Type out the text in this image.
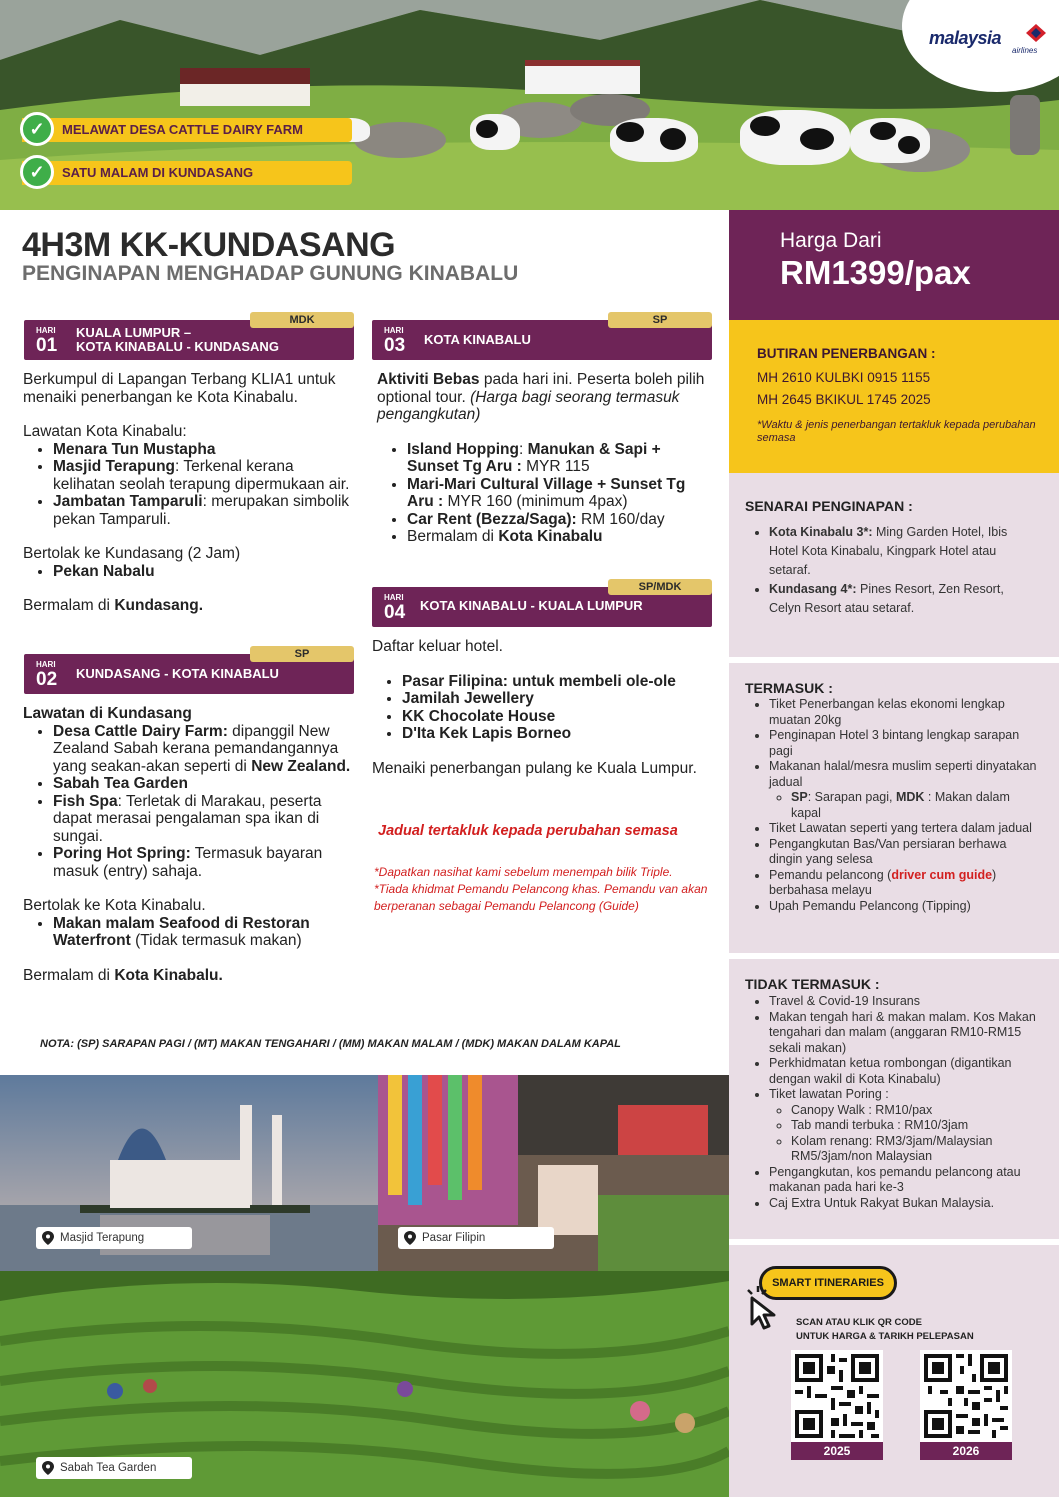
✓	MELAWAT DESA CATTLE DAIRY FARM
✓	SATU MALAM DI KUNDASANG
malaysia
airlines
4H3M KK-KUNDASANG
PENGINAPAN MENGHADAP GUNUNG KINABALU
MDK
HARI
01
KUALA LUMPUR –
KOTA KINABALU - KUNDASANG

Berkumpul di Lapangan Terbang KLIA1 untuk menaiki penerbangan ke Kota Kinabalu.

Lawatan Kota Kinabalu:

• Menara Tun Mustapha
• Masjid Terapung: Terkenal kerana kelihatan seolah terapung dipermukaan air.
• Jambatan Tamparuli: merupakan simbolik pekan Tamparuli.

Bertolak ke Kundasang (2 Jam)

• Pekan Nabalu

Bermalam di Kundasang.

SP
HARI
02 KUNDASANG - KOTA KINABALU

Lawatan di Kundasang

• Desa Cattle Dairy Farm: dipanggil New Zealand Sabah kerana pemandangannya yang seakan-akan seperti di New Zealand.
• Sabah Tea Garden
• Fish Spa: Terletak di Marakau, peserta dapat merasai pengalaman spa ikan di sungai.
• Poring Hot Spring: Termasuk bayaran masuk (entry) sahaja.

Bertolak ke Kota Kinabalu.

• Makan malam Seafood di Restoran Waterfront (Tidak termasuk makan)

Bermalam di Kota Kinabalu.

SP
HARI
03 KOTA KINABALU

Aktiviti Bebas pada hari ini. Peserta boleh pilih optional tour. (Harga bagi seorang termasuk pengangkutan)

• Island Hopping: Manukan & Sapi + Sunset Tg Aru : MYR 115
• Mari-Mari Cultural Village + Sunset Tg Aru : MYR 160 (minimum 4pax)
• Car Rent (Bezza/Saga): RM 160/day
• Bermalam di Kota Kinabalu
SP/MDK
HARI
04 KOTA KINABALU - KUALA LUMPUR

Daftar keluar hotel.

• Pasar Filipina: untuk membeli ole-ole
• Jamilah Jewellery
• KK Chocolate House
• D'Ita Kek Lapis Borneo

Menaiki penerbangan pulang ke Kuala Lumpur.

Jadual tertakluk kepada perubahan semasa

*Dapatkan nasihat kami sebelum menempah bilik Triple.

*Tiada khidmat Pemandu Pelancong khas. Pemandu van akan berperanan sebagai Pemandu Pelancong (Guide)

NOTA: (SP) SARAPAN PAGI / (MT) MAKAN TENGAHARI / (MM) MAKAN MALAM / (MDK) MAKAN DALAM KAPAL
Harga Dari
RM1399/pax
BUTIRAN PENERBANGAN :
MH 2610 KULBKI 0915 1155
MH 2645 BKIKUL 1745 2025
*Waktu & jenis penerbangan tertakluk kepada perubahan semasa
SENARAI PENGINAPAN :
• Kota Kinabalu 3*: Ming Garden Hotel, Ibis Hotel Kota Kinabalu, Kingpark Hotel atau setaraf.
• Kundasang 4*: Pines Resort, Zen Resort, Celyn Resort atau setaraf.
TERMASUK :
• Tiket Penerbangan kelas ekonomi lengkap muatan 20kg
• Penginapan Hotel 3 bintang lengkap sarapan pagi
• Makanan halal/mesra muslim seperti dinyatakan jadual
◦ SP: Sarapan pagi, MDK : Makan dalam kapal
• Tiket Lawatan seperti yang tertera dalam jadual
• Pengangkutan Bas/Van persiaran berhawa dingin yang selesa
• Pemandu pelancong (driver cum guide)
berbahasa melayu
• Upah Pemandu Pelancong (Tipping)
TIDAK TERMASUK :
• Travel & Covid-19 Insurans
• Makan tengah hari & makan malam. Kos Makan tengahari dan malam (anggaran RM10-RM15 sekali makan)
• Perkhidmatan ketua rombongan (digantikan dengan wakil di Kota Kinabalu)
• Tiket lawatan Poring :
◦ Canopy Walk : RM10/pax
◦ Tab mandi terbuka : RM10/3jam
◦ Kolam renang: RM3/3jam/Malaysian RM5/3jam/non Malaysian
• Pengangkutan, kos pemandu pelancong atau makanan pada hari ke-3
• Caj Extra Untuk Rakyat Bukan Malaysia.
Masjid Terapung	Pasar Filipin
Sabah Tea Garden
SMART ITINERARIES
SCAN ATAU KLIK QR CODE
UNTUK HARGA & TARIKH PELEPASAN
2025	2026
